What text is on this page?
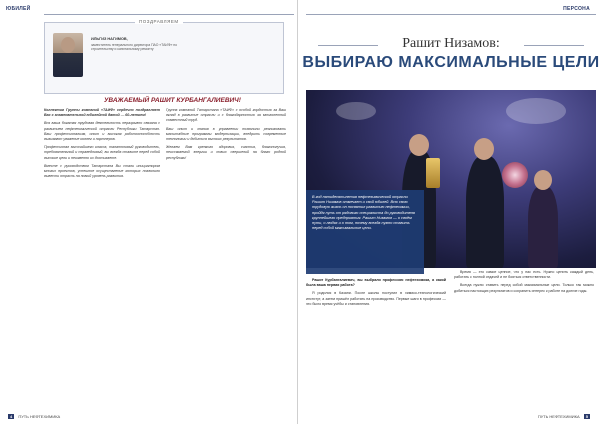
ЮБИЛЕЙ
ПОЗДРАВЛЯЕМ
ИЛЬГИЗ НАГИМОВ,
заместитель генерального директора ПАО «ТАИФ» по строительству и капитальному ремонту
УВАЖАЕМЫЙ РАШИТ КУРБАНГАЛИЕВИЧ!

Коллектив Группы компаний «ТАИФ» сердечно поздравляет Вас с знаменательной юбилейной датой — 60-летием!

Вся ваша богатая трудовая деятельность неразрывно связана с развитием нефтехимической отрасли Республики Татарстан. Ваш профессионализм, опыт и высокая работоспособность вызывают уважение коллег и партнеров.

Профессионал высочайшего класса, талантливый руководитель, требовательный и справедливый, вы всегда ставите перед собой высокие цели и неизменно их достигаете.

Вместе с руководством Татарстана Вы стали инициатором многих проектов, успешное осуществление которых позволило вывести отрасль на новый уровень развития.

Группа компаний Татарстана «ТАИФ» с особой гордостью за Ваш вклад в развитие отрасли и с благодарностью за многолетний совместный труд.

Ваш опыт и знания в управлении позволили реализовать масштабные программы модернизации, внедрить современные технологии и добиться высоких результатов.

Желаем Вам крепкого здоровья, счастья, благополучия, неиссякаемой энергии и новых свершений на благо родной республики!

4 ПУТЬ НЕФТЕХИМИКА
ПЕРСОНА
Рашит Низамов:
ВЫБИРАЮ МАКСИМАЛЬНЫЕ ЦЕЛИ
В год пятидесятилетия нефтехимической отрасли Рашит Низамов отмечает и свой юбилей. Всю свою трудовую жизнь он посвятил развитию нефтехимии, пройдя путь от рядового специалиста до руководителя крупнейшего предприятия. Рашит Низамов — о своём пути, о людях и о том, почему всегда нужно ставить перед собой максимальные цели.

Рашит Курбангалиевич, вы выбрали профессию нефтехимика, а какой была ваша первая работа?

Я родился в Казани. После школы поступил в химико-технологический институт, а затем пришёл работать на производство. Первые шаги в профессии — это было время учёбы и становления.

Время — это самое ценное, что у нас есть. Нужно ценить каждый день, работать с полной отдачей и не бояться ответственности.

Всегда нужно ставить перед собой максимальные цели. Только так можно добиться настоящих результатов и сохранить интерес к работе на долгие годы.

ПУТЬ НЕФТЕХИМИКА 5
